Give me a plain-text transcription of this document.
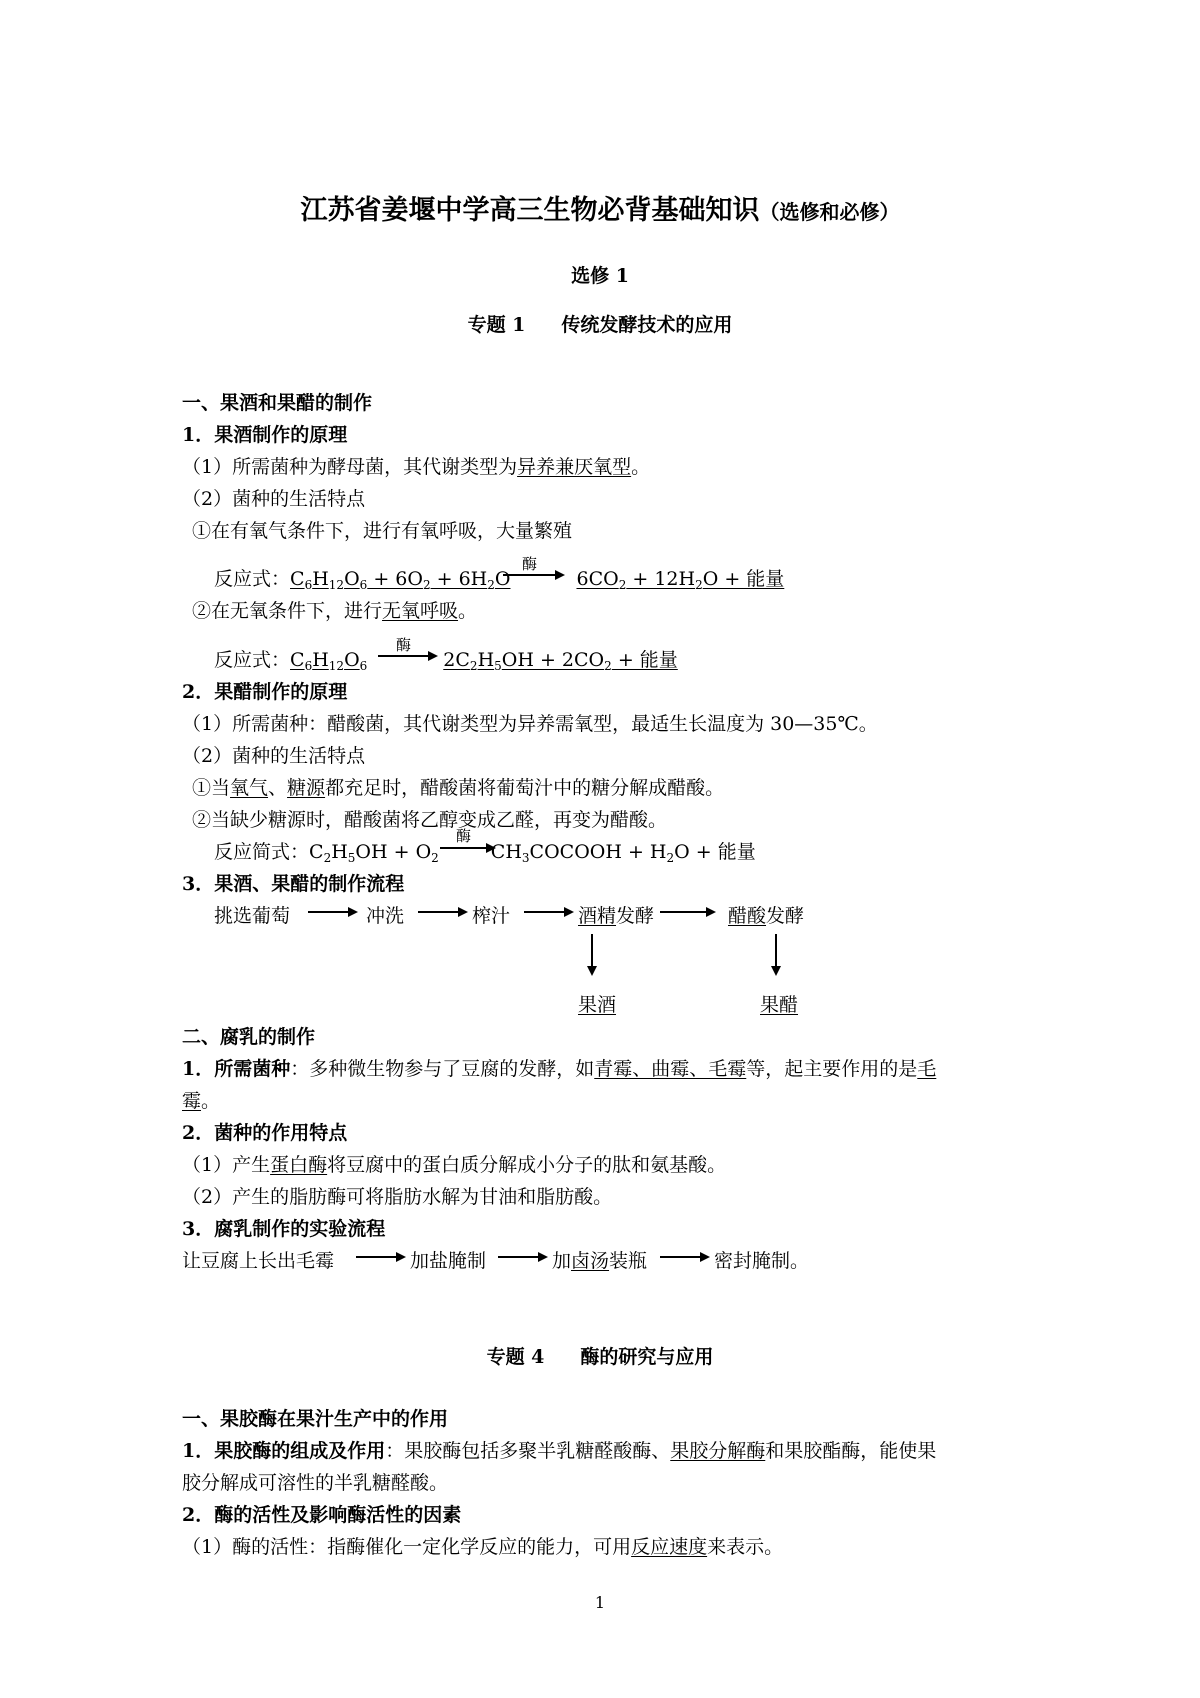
江苏省姜堰中学高三生物必背基础知识（选修和必修）
选修 1
专题 1 传统发酵技术的应用
一、果酒和果醋的制作
1．果酒制作的原理
（1）所需菌种为酵母菌，其代谢类型为异养兼厌氧型。
（2）菌种的生活特点
①在有氧气条件下，进行有氧呼吸，大量繁殖
反应式：$C_6H_{12}O_6 + 6O_2 + 6H_2O$	$6CO_2 + 12H_2O$ + 能量
酶
②在无氧条件下，进行无氧呼吸。
反应式：$C_6H_{12}O_6$	$2C_2H_5OH + 2CO_2$ + 能量
酶
2．果醋制作的原理
（1）所需菌种：醋酸菌，其代谢类型为异养需氧型，最适生长温度为 30—35℃。
（2）菌种的生活特点
①当氧气、糖源都充足时，醋酸菌将葡萄汁中的糖分解成醋酸。
②当缺少糖源时，醋酸菌将乙醇变成乙醛，再变为醋酸。
反应简式：$C_2H_5OH + O_2$	$CH_3COCOOH + H_2O$ + 能量
酶
3．果酒、果醋的制作流程
挑选葡萄	冲洗	榨汁	酒精发酵	醋酸发酵
果酒	果醋
二、腐乳的制作
1．所需菌种：多种微生物参与了豆腐的发酵，如青霉、曲霉、毛霉等，起主要作用的是毛
霉。
2．菌种的作用特点
（1）产生蛋白酶将豆腐中的蛋白质分解成小分子的肽和氨基酸。
（2）产生的脂肪酶可将脂肪水解为甘油和脂肪酸。
3．腐乳制作的实验流程
让豆腐上长出毛霉	加盐腌制	加卤汤装瓶	密封腌制。
专题 4 酶的研究与应用
一、果胶酶在果汁生产中的作用
1．果胶酶的组成及作用：果胶酶包括多聚半乳糖醛酸酶、果胶分解酶和果胶酯酶，能使果
胶分解成可溶性的半乳糖醛酸。
2．酶的活性及影响酶活性的因素
（1）酶的活性：指酶催化一定化学反应的能力，可用反应速度来表示。
1
